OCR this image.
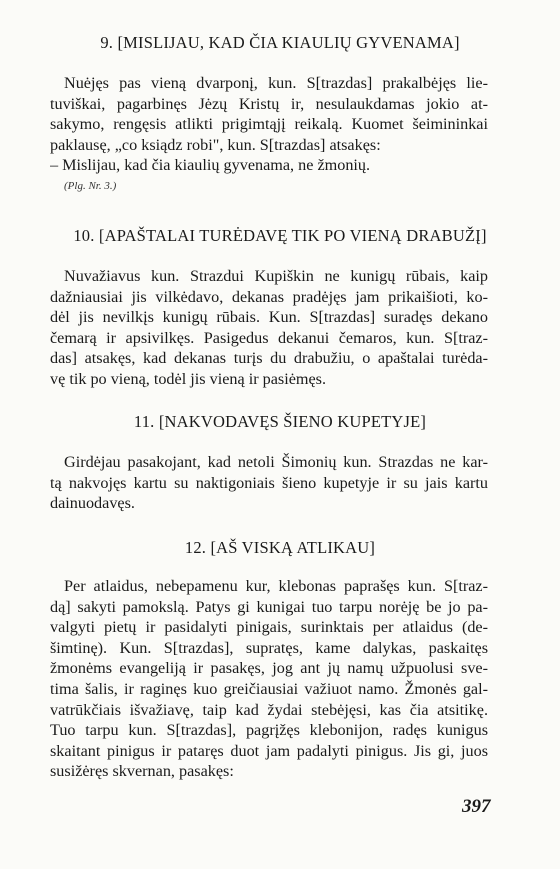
9. [MISLIJAU, KAD ČIA KIAULIŲ GYVENAMA]
Nuėjęs pas vieną dvarponį, kun. S[trazdas] prakalbėjęs lie-
tuviškai, pagarbinęs Jėzų Kristų ir, nesulaukdamas jokio at-
sakymo, rengęsis atlikti prigimtąjį reikalą. Kuomet šeimininkai
paklausę, „co ksiądz robi", kun. S[trazdas] atsakęs:
– Mislijau, kad čia kiaulių gyvenama, ne žmonių.
(Plg. Nr. 3.)
10. [APAŠTALAI TURĖDAVĘ TIK PO VIENĄ DRABUŽĮ]
Nuvažiavus kun. Strazdui Kupiškin ne kunigų rūbais, kaip
dažniausiai jis vilkėdavo, dekanas pradėjęs jam prikaišioti, ko-
dėl jis nevilkįs kunigų rūbais. Kun. S[trazdas] suradęs dekano
čemarą ir apsivilkęs. Pasigedus dekanui čemaros, kun. S[traz-
das] atsakęs, kad dekanas turįs du drabužiu, o apaštalai turėda-
vę tik po vieną, todėl jis vieną ir pasiėmęs.
11. [NAKVODAVĘS ŠIENO KUPETYJE]
Girdėjau pasakojant, kad netoli Šimonių kun. Strazdas ne kar-
tą nakvojęs kartu su naktigoniais šieno kupetyje ir su jais kartu
dainuodavęs.
12. [AŠ VISKĄ ATLIKAU]
Per atlaidus, nebepamenu kur, klebonas paprašęs kun. S[traz-
dą] sakyti pamokslą. Patys gi kunigai tuo tarpu norėję be jo pa-
valgyti pietų ir pasidalyti pinigais, surinktais per atlaidus (de-
šimtinę). Kun. S[trazdas], supratęs, kame dalykas, paskaitęs
žmonėms evangeliją ir pasakęs, jog ant jų namų užpuolusi sve-
tima šalis, ir raginęs kuo greičiausiai važiuot namo. Žmonės gal-
vatrūkčiais išvažiavę, taip kad žydai stebėjęsi, kas čia atsitikę.
Tuo tarpu kun. S[trazdas], pagrįžęs klebonijon, radęs kunigus
skaitant pinigus ir pataręs duot jam padalyti pinigus. Jis gi, juos
susižėręs skvernan, pasakęs:
397
